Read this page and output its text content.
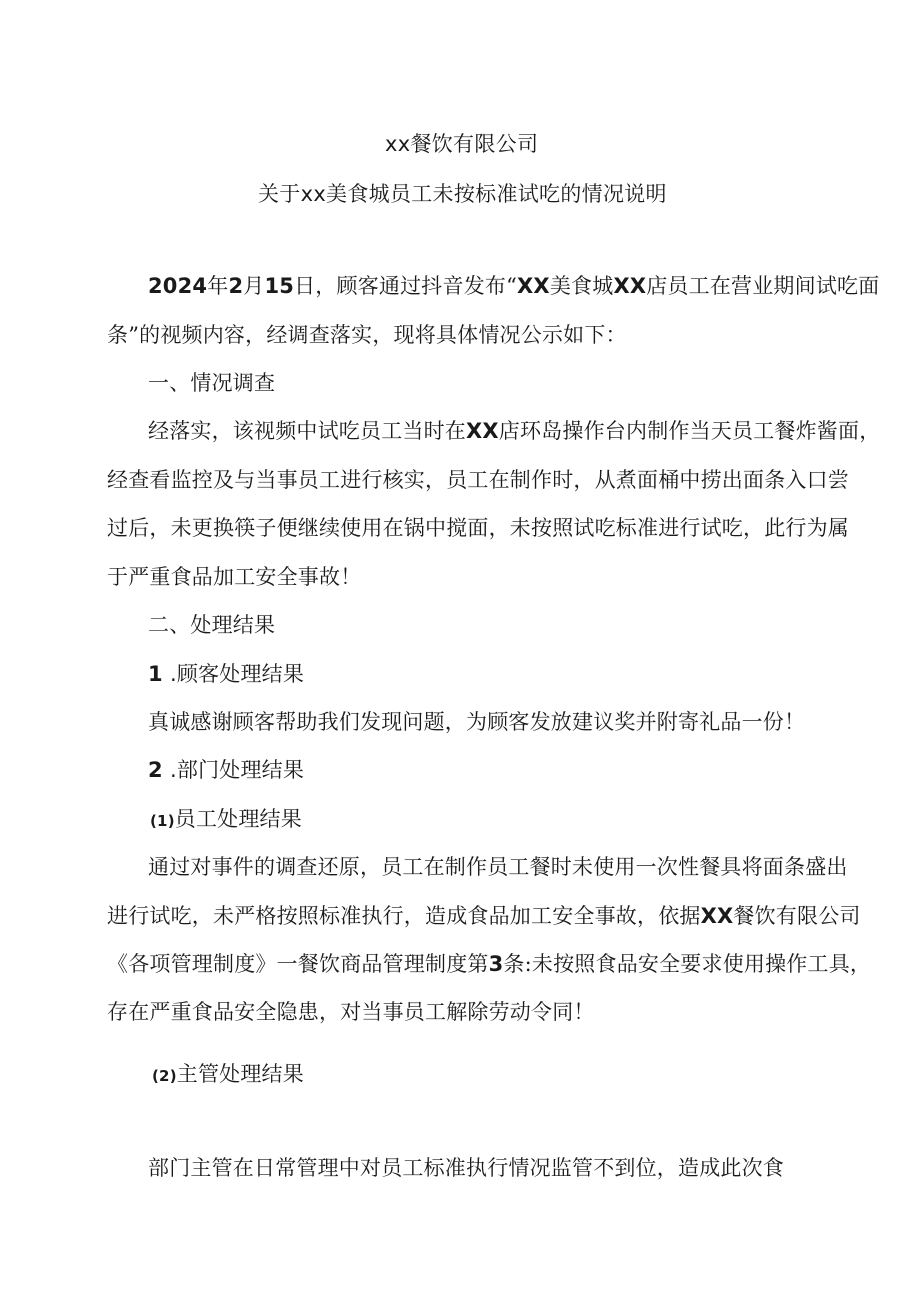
xx餐饮有限公司
关于xx美食城员工未按标准试吃的情况说明
2024年2月15日，顾客通过抖音发布“XX美食城XX店员工在营业期间试吃面
条”的视频内容，经调查落实，现将具体情况公示如下：
一、情况调查
经落实，该视频中试吃员工当时在XX店环岛操作台内制作当天员工餐炸酱面，
经查看监控及与当事员工进行核实，员工在制作时，从煮面桶中捞出面条入口尝
过后，未更换筷子便继续使用在锅中搅面，未按照试吃标准进行试吃，此行为属
于严重食品加工安全事故！
二、处理结果
1 .顾客处理结果
真诚感谢顾客帮助我们发现问题，为顾客发放建议奖并附寄礼品一份！
2 .部门处理结果
(1)员工处理结果
通过对事件的调查还原，员工在制作员工餐时未使用一次性餐具将面条盛出
进行试吃，未严格按照标准执行，造成食品加工安全事故，依据XX餐饮有限公司
《各项管理制度》一餐饮商品管理制度第3条:未按照食品安全要求使用操作工具，
存在严重食品安全隐患，对当事员工解除劳动令同！
(2)主管处理结果
部门主管在日常管理中对员工标准执行情况监管不到位，造成此次食
